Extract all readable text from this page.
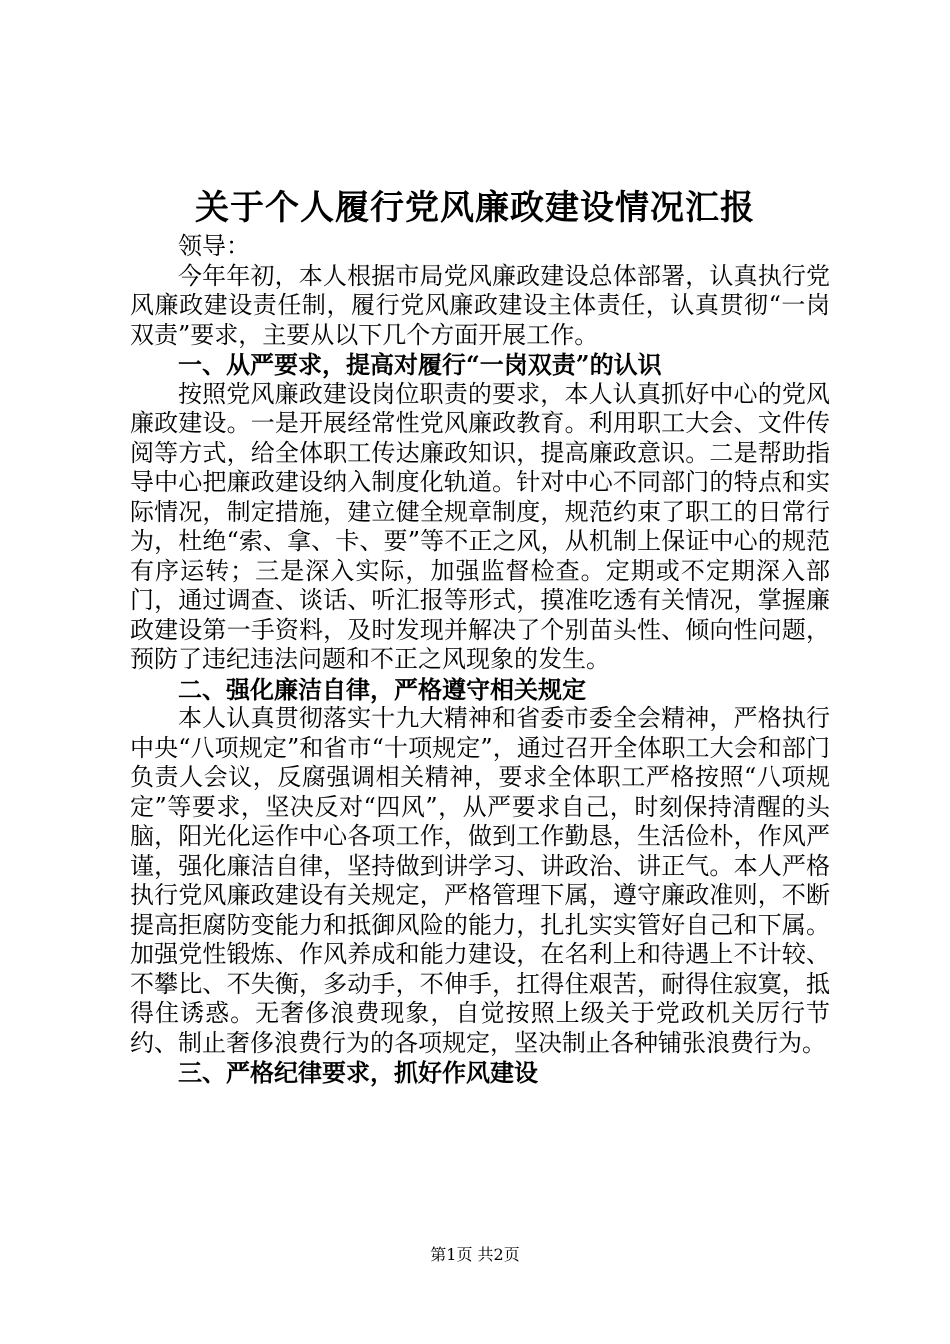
关于个人履行党风廉政建设情况汇报

领导：

今年年初，本人根据市局党风廉政建设总体部署，认真执行党风廉政建设责任制，履行党风廉政建设主体责任，认真贯彻“一岗双责”要求，主要从以下几个方面开展工作。

一、从严要求，提高对履行“一岗双责”的认识

按照党风廉政建设岗位职责的要求，本人认真抓好中心的党风廉政建设。一是开展经常性党风廉政教育。利用职工大会、文件传阅等方式，给全体职工传达廉政知识，提高廉政意识。二是帮助指导中心把廉政建设纳入制度化轨道。针对中心不同部门的特点和实际情况，制定措施，建立健全规章制度，规范约束了职工的日常行为，杜绝“索、拿、卡、要”等不正之风，从机制上保证中心的规范有序运转；三是深入实际，加强监督检查。定期或不定期深入部门，通过调查、谈话、听汇报等形式，摸准吃透有关情况，掌握廉政建设第一手资料，及时发现并解决了个别苗头性、倾向性问题，预防了违纪违法问题和不正之风现象的发生。

二、强化廉洁自律，严格遵守相关规定

本人认真贯彻落实十九大精神和省委市委全会精神，严格执行中央“八项规定”和省市“十项规定”，通过召开全体职工大会和部门负责人会议，反腐强调相关精神，要求全体职工严格按照“八项规定”等要求，坚决反对“四风”，从严要求自己，时刻保持清醒的头脑，阳光化运作中心各项工作，做到工作勤恳，生活俭朴，作风严谨，强化廉洁自律，坚持做到讲学习、讲政治、讲正气。本人严格执行党风廉政建设有关规定，严格管理下属，遵守廉政准则，不断提高拒腐防变能力和抵御风险的能力，扎扎实实管好自己和下属。加强党性锻炼、作风养成和能力建设，在名利上和待遇上不计较、不攀比、不失衡，多动手，不伸手，扛得住艰苦，耐得住寂寞，抵得住诱惑。无奢侈浪费现象，自觉按照上级关于党政机关厉行节约、制止奢侈浪费行为的各项规定，坚决制止各种铺张浪费行为。

三、严格纪律要求，抓好作风建设

第1页 共2页
